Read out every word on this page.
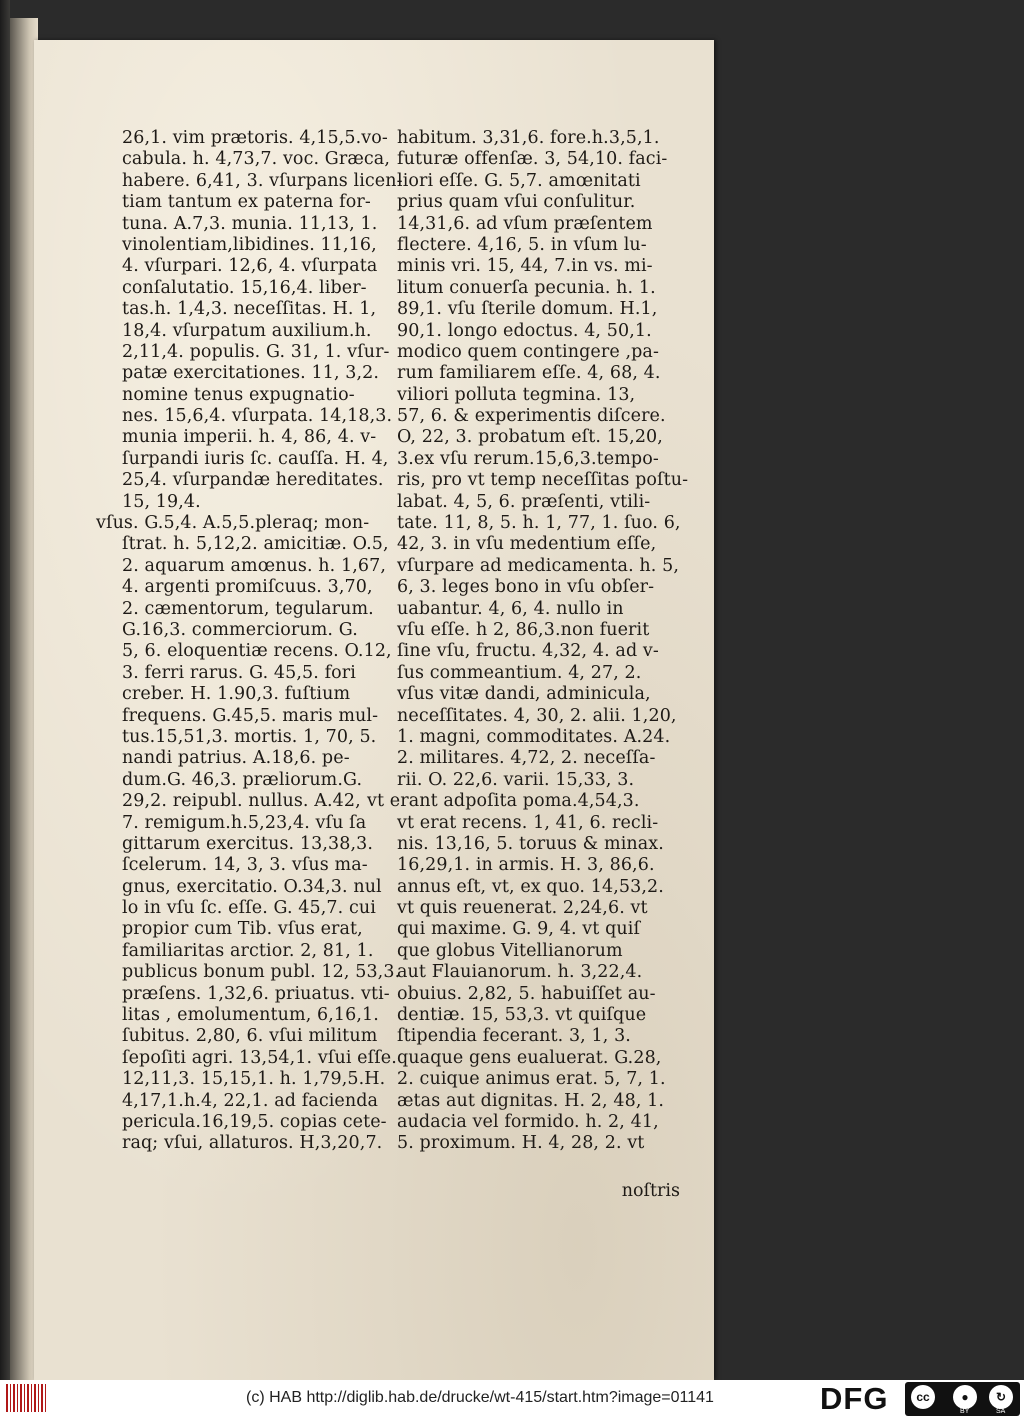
26,1. vim prætoris. 4,15,5.vo-
cabula. h. 4,73,7. voc. Græca,
habere. 6,41, 3. vſurpans licen-
tiam tantum ex paterna for-
tuna. A.7,3. munia. 11,13, 1.
vinolentiam,libidines. 11,16,
4. vſurpari. 12,6, 4. vſurpata
conſalutatio. 15,16,4. liber-
tas.h. 1,4,3. neceſſitas. H. 1,
18,4. vſurpatum auxilium.h.
2,11,4. populis. G. 31, 1. vſur-
patæ exercitationes. 11, 3,2.
nomine tenus expugnatio-
nes. 15,6,4. vſurpata. 14,18,3.
munia imperii. h. 4, 86, 4. v-
ſurpandi iuris ſc. cauſſa. H. 4,
25,4. vſurpandæ hereditates.
15, 19,4.
vſus. G.5,4. A.5,5.pleraq; mon-
ſtrat. h. 5,12,2. amicitiæ. O.5,
2. aquarum amœnus. h. 1,67,
4. argenti promiſcuus. 3,70,
2. cæmentorum, tegularum.
G.16,3. commerciorum. G.
5, 6. eloquentiæ recens. O.12,
3. ferri rarus. G. 45,5. fori
creber. H. 1.90,3. fuſtium
frequens. G.45,5. maris mul-
tus.15,51,3. mortis. 1, 70, 5.
nandi patrius. A.18,6. pe-
dum.G. 46,3. præliorum.G.
29,2. reipubl. nullus. A.42,
7. remigum.h.5,23,4. vſu ſa
gittarum exercitus. 13,38,3.
ſcelerum. 14, 3, 3. vſus ma-
gnus, exercitatio. O.34,3. nul
lo in vſu ſc. eſſe. G. 45,7. cui
propior cum Tib. vſus erat,
familiaritas arctior. 2, 81, 1.
publicus bonum publ. 12, 53,3.
præſens. 1,32,6. priuatus. vti-
litas , emolumentum, 6,16,1.
ſubitus. 2,80, 6. vſui militum
ſepoſiti agri. 13,54,1. vſui eſſe.
12,11,3. 15,15,1. h. 1,79,5.H.
4,17,1.h.4, 22,1. ad facienda
pericula.16,19,5. copias cete-
raq; vſui, allaturos. H,3,20,7.
habitum. 3,31,6. fore.h.3,5,1.
futuræ offenſæ. 3, 54,10. faci-
liori eſſe. G. 5,7. amœnitati
prius quam vſui conſulitur.
14,31,6. ad vſum præſentem
flectere. 4,16, 5. in vſum lu-
minis vri. 15, 44, 7.in vs. mi-
litum conuerſa pecunia. h. 1.
89,1. vſu ſterile domum. H.1,
90,1. longo edoctus. 4, 50,1.
modico quem contingere ,pa-
rum familiarem eſſe. 4, 68, 4.
viliori polluta tegmina. 13,
57, 6. & experimentis diſcere.
O, 22, 3. probatum eſt. 15,20,
3.ex vſu rerum.15,6,3.tempo-
ris, pro vt temp neceſſitas poſtu-
labat. 4, 5, 6. præſenti, vtili-
tate. 11, 8, 5. h. 1, 77, 1. ſuo. 6,
42, 3. in vſu medentium eſſe,
vſurpare ad medicamenta. h. 5,
6, 3. leges bono in vſu obſer-
uabantur. 4, 6, 4. nullo in
vſu eſſe. h 2, 86,3.non fuerit
ſine vſu, fructu. 4,32, 4. ad v-
ſus commeantium. 4, 27, 2.
vſus vitæ dandi, adminicula,
neceſſitates. 4, 30, 2. alii. 1,20,
1. magni, commoditates. A.24.
2. militares. 4,72, 2. neceſſa-
rii. O. 22,6. varii. 15,33, 3.
vt erant adpoſita poma.4,54,3.
vt erat recens. 1, 41, 6. recli-
nis. 13,16, 5. toruus & minax.
16,29,1. in armis. H. 3, 86,6.
annus eſt, vt, ex quo. 14,53,2.
vt quis reuenerat. 2,24,6. vt
qui maxime. G. 9, 4. vt quiſ
que globus Vitellianorum
aut Flauianorum. h. 3,22,4.
obuius. 2,82, 5. habuiſſet au-
dentiæ. 15, 53,3. vt quiſque
ſtipendia fecerant. 3, 1, 3.
quaque gens eualuerat. G.28,
2. cuique animus erat. 5, 7, 1.
ætas aut dignitas. H. 2, 48, 1.
audacia vel formido. h. 2, 41,
5. proximum. H. 4, 28, 2. vt
noſtris
(c) HAB http://diglib.hab.de/drucke/wt-415/start.htm?image=01141	DFG	cc	●	↻
BY	SA
